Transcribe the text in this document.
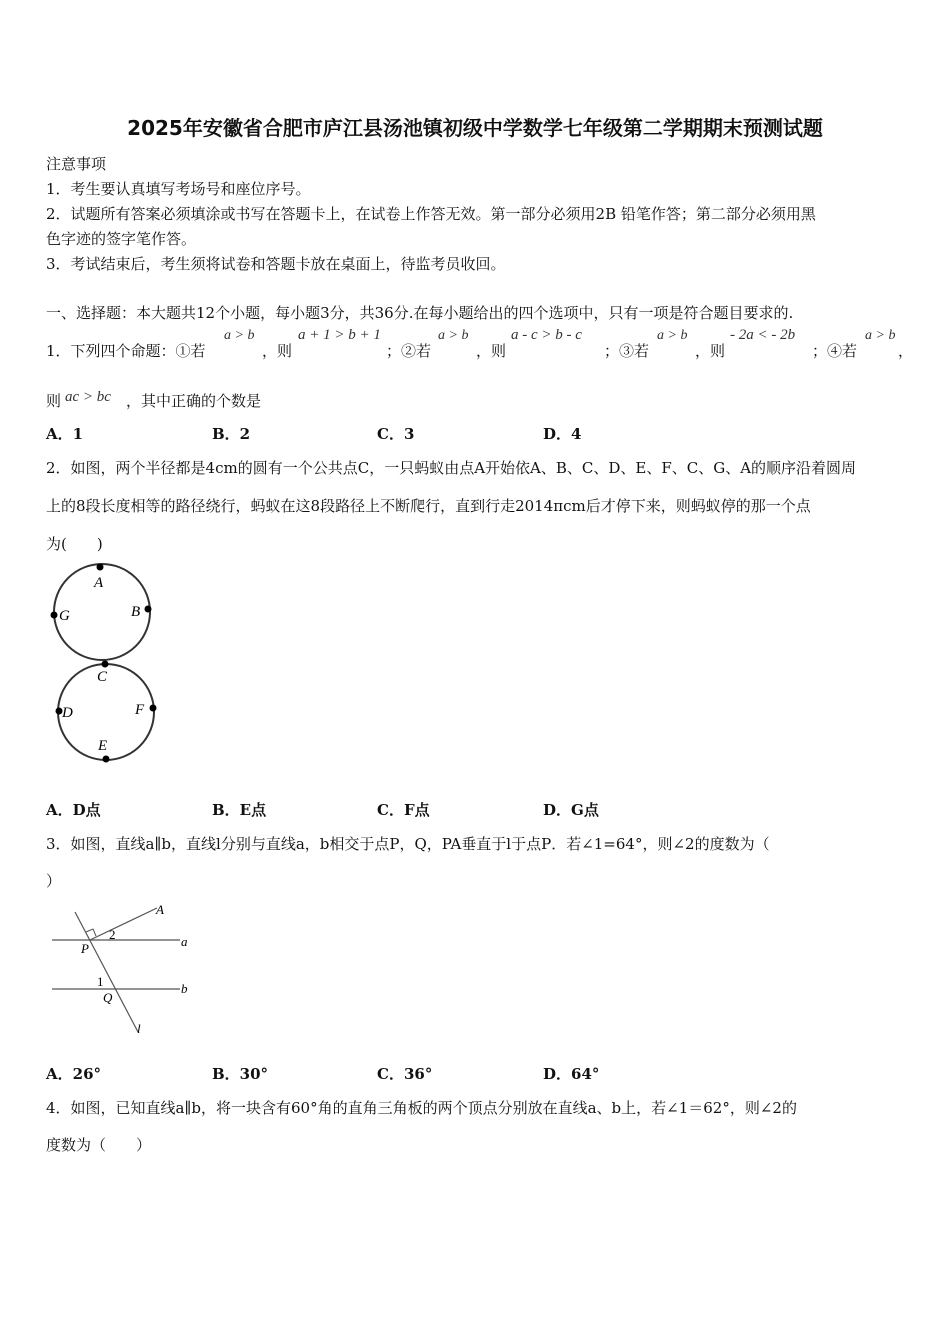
2025年安徽省合肥市庐江县汤池镇初级中学数学七年级第二学期期末预测试题
注意事项
1．考生要认真填写考场号和座位序号。
2．试题所有答案必须填涂或书写在答题卡上，在试卷上作答无效。第一部分必须用2B 铅笔作答；第二部分必须用黑
色字迹的签字笔作答。
3．考试结束后，考生须将试卷和答题卡放在桌面上，待监考员收回。
一、选择题：本大题共12个小题，每小题3分，共36分.在每小题给出的四个选项中，只有一项是符合题目要求的.
1．下列四个命题：①若
a > b
，则
a + 1 > b + 1
；②若
a > b
，则
a - c > b - c
；③若
a > b
，则
- 2a < - 2b
；④若
a > b
，
则 ac > bc ，其中正确的个数是
A．1	B．2	C．3	D．4
2．如图，两个半径都是4cm的圆有一个公共点C，一只蚂蚁由点A开始依A、B、C、D、E、F、C、G、A的顺序沿着圆周
上的8段长度相等的路径绕行，蚂蚁在这8段路径上不断爬行，直到行走2014πcm后才停下来，则蚂蚁停的那一个点
为(　　)
A
B
G
C
D	F
E
A．D点	B．E点	C．F点	D．G点
3．如图，直线a∥b，直线l分别与直线a，b相交于点P，Q，PA垂直于l于点P．若∠1=64°，则∠2的度数为（
）
A
2	a
P
1	b
Q
l
A．26°	B．30°	C．36°	D．64°
4．如图，已知直线a∥b，将一块含有60°角的直角三角板的两个顶点分别放在直线a、b上，若∠1＝62°，则∠2的
度数为（　　）
